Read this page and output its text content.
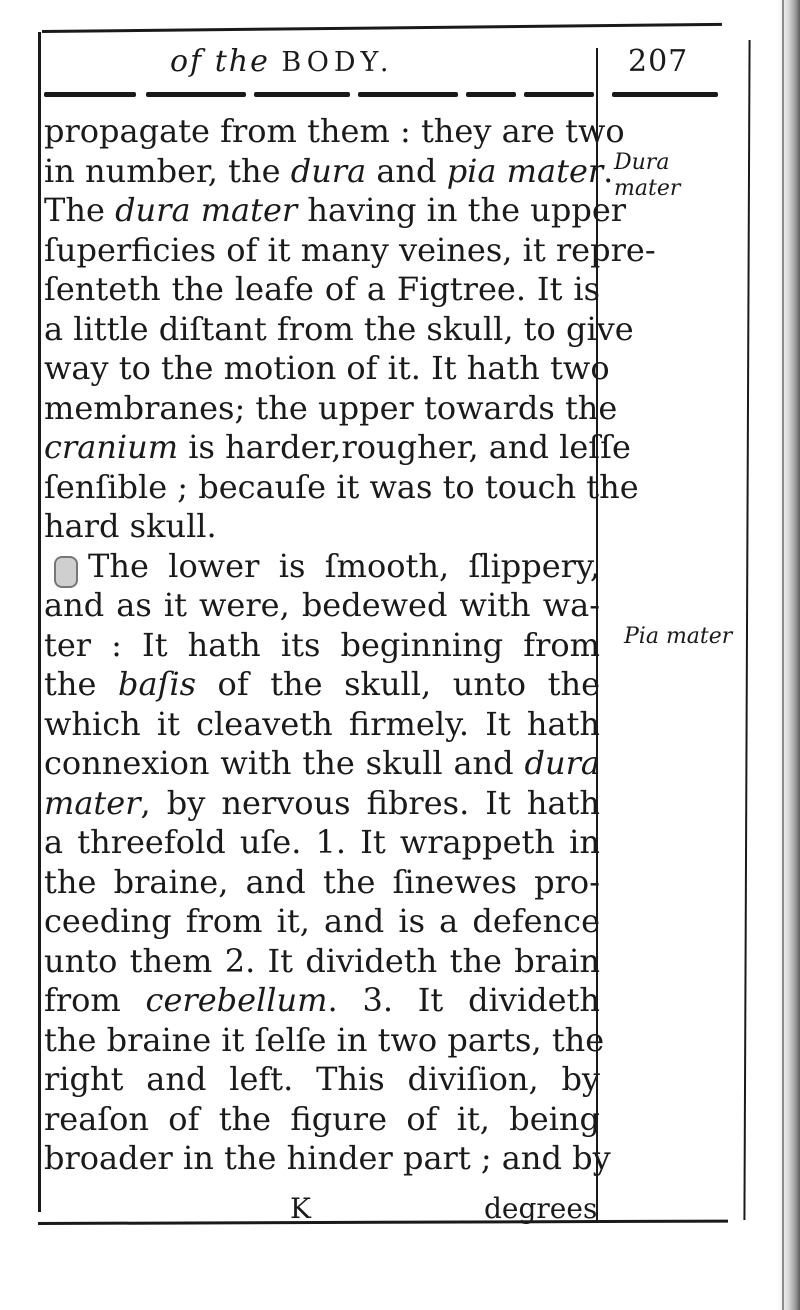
of the BODY.	207
propagate from them : they are two
in number, the dura and pia mater.
The dura mater having in the upper
ſuperficies of it many veines, it repre-
ſenteth the leafe of a Figtree. It is
a little diſtant from the skull, to give
way to the motion of it. It hath two
membranes; the upper towards the
cranium is harder,rougher, and leſſe
ſenſible ; becauſe it was to touch the
hard skull.
The lower is ſmooth, ſlippery,
and as it were, bedewed with wa-
ter : It hath its beginning from
the baſis of the skull, unto the
which it cleaveth firmely. It hath
connexion with the skull and dura
mater, by nervous fibres. It hath
a threefold uſe. 1. It wrappeth in
the braine, and the ſinewes pro-
ceeding from it, and is a defence
unto them 2. It divideth the brain
from cerebellum. 3. It divideth
the braine it ſelſe in two parts, the
right and left. This diviſion, by
reaſon of the figure of it, being
broader in the hinder part ; and by
Dura
mater
Pia mater
K	degrees
